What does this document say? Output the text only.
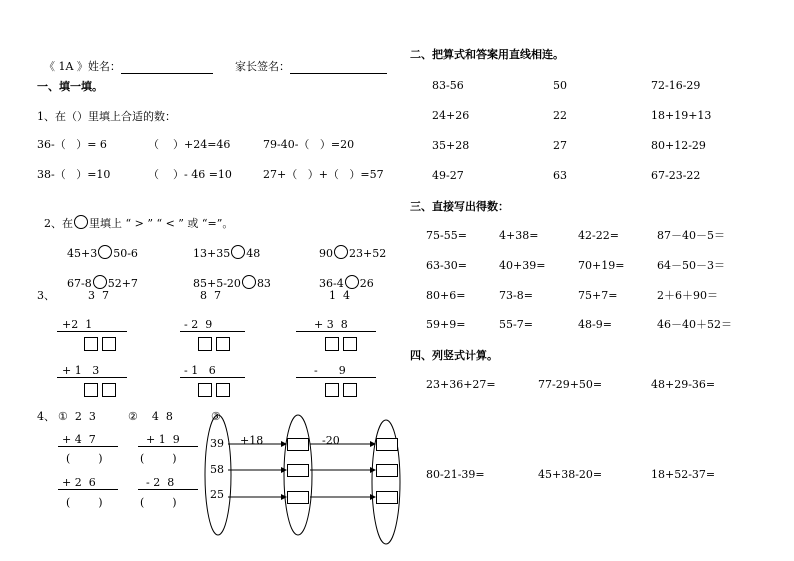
《 1A 》姓名：	家长签名：

一、填一填。
1、在（）里填上合适的数：
36-（   ）= 6	（    ）+24=46	79-40-（   ）=20
38-（   ）=10	（    ）- 46 =10	27+（   ）+（   ）=57

2、在 里填上 “ > ” “ < ” 或 “=”。

45+3 50-6	13+35 48	90 23+52

67-8 52+7	85+5-20 83	36-4 26

3、	3  7	8  7	1  4
+2  1	- 2  9	+ 3  8
+ 1   3	- 1   6	-      9
4、 ①  2  3	②    4  8	③
+ 4  7	+ 1  9
(        )	(        )
+ 2  6	- 2  8
(        )	(        )
39
58
25
+18	-20
二、把算式和答案用直线相连。
83-56	50	72-16-29
24+26	22	18+19+13
35+28	27	80+12-29
49-27	63	67-23-22
三、直接写出得数：
75-55=	4+38=	42-22=	87－40－5＝
63-30=	40+39=	70+19=	64－50－3＝
80+6=	73-8=	75+7=	2＋6＋90＝
59+9=	55-7=	48-9=	46－40＋52＝
四、列竖式计算。
23+36+27=	77-29+50=	48+29-36=
80-21-39=	45+38-20=	18+52-37=
